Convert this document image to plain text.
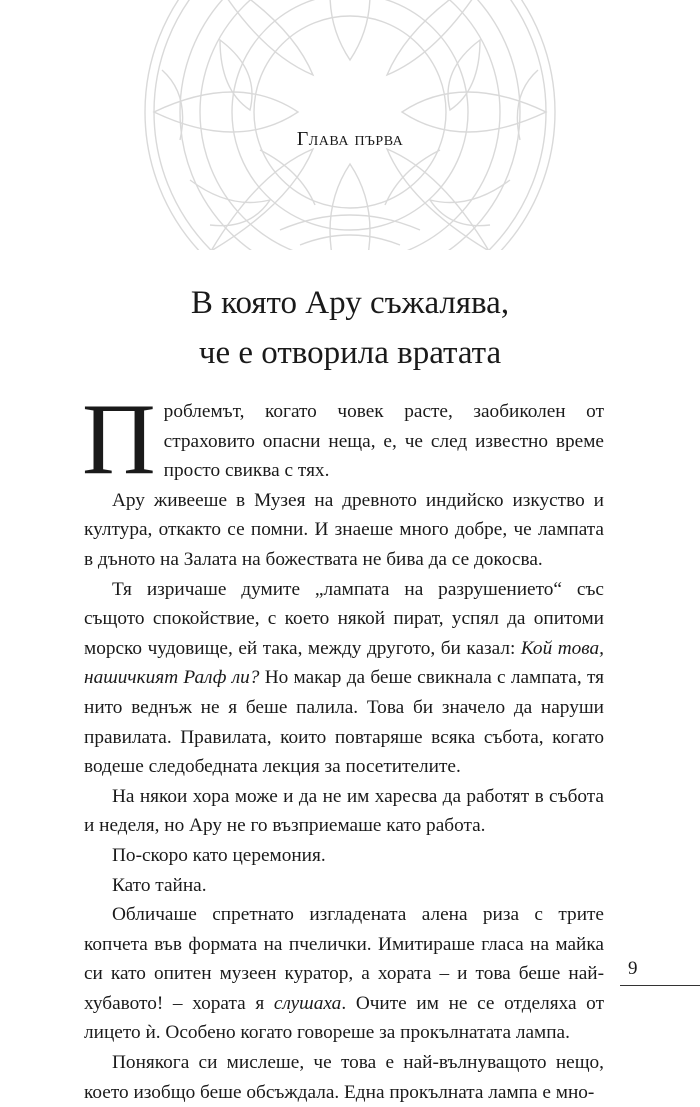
Глава първа
В която Ару съжалява,
че е отворила вратата

Проблемът, когато човек расте, заобиколен от страховито опасни неща, е, че след известно време просто свиква с тях.

Ару живееше в Музея на древното индийско изкуство и култура, откакто се помни. И знаеше много добре, че лампата в дъното на Залата на божествата не бива да се докосва.

Тя изричаше думите „лампата на разрушението“ със същото спокойствие, с което някой пират, успял да опитоми морско чудовище, ей така, между другото, би казал: Кой това, нашичкият Ралф ли? Но макар да беше свикнала с лампата, тя нито веднъж не я беше палила. Това би значело да наруши правилата. Правилата, които повтаряше всяка събота, когато водеше следобедната лекция за посетителите.

На някои хора може и да не им харесва да работят в събота и неделя, но Ару не го възприемаше като работа.

По-скоро като церемония.

Като тайна.

Обличаше спретнато изгладената алена риза с трите копчета във формата на пчелички. Имитираше гласа на майка си като опитен музеен куратор, а хората – и това беше най-хубавото! – хората я слушаха. Очите им не се отделяха от лицето ѝ. Особено когато говореше за прокълнатата лампа.

Понякога си мислеше, че това е най-вълнуващото нещо, което изобщо беше обсъждала. Една прокълната лампа е мно-

9
